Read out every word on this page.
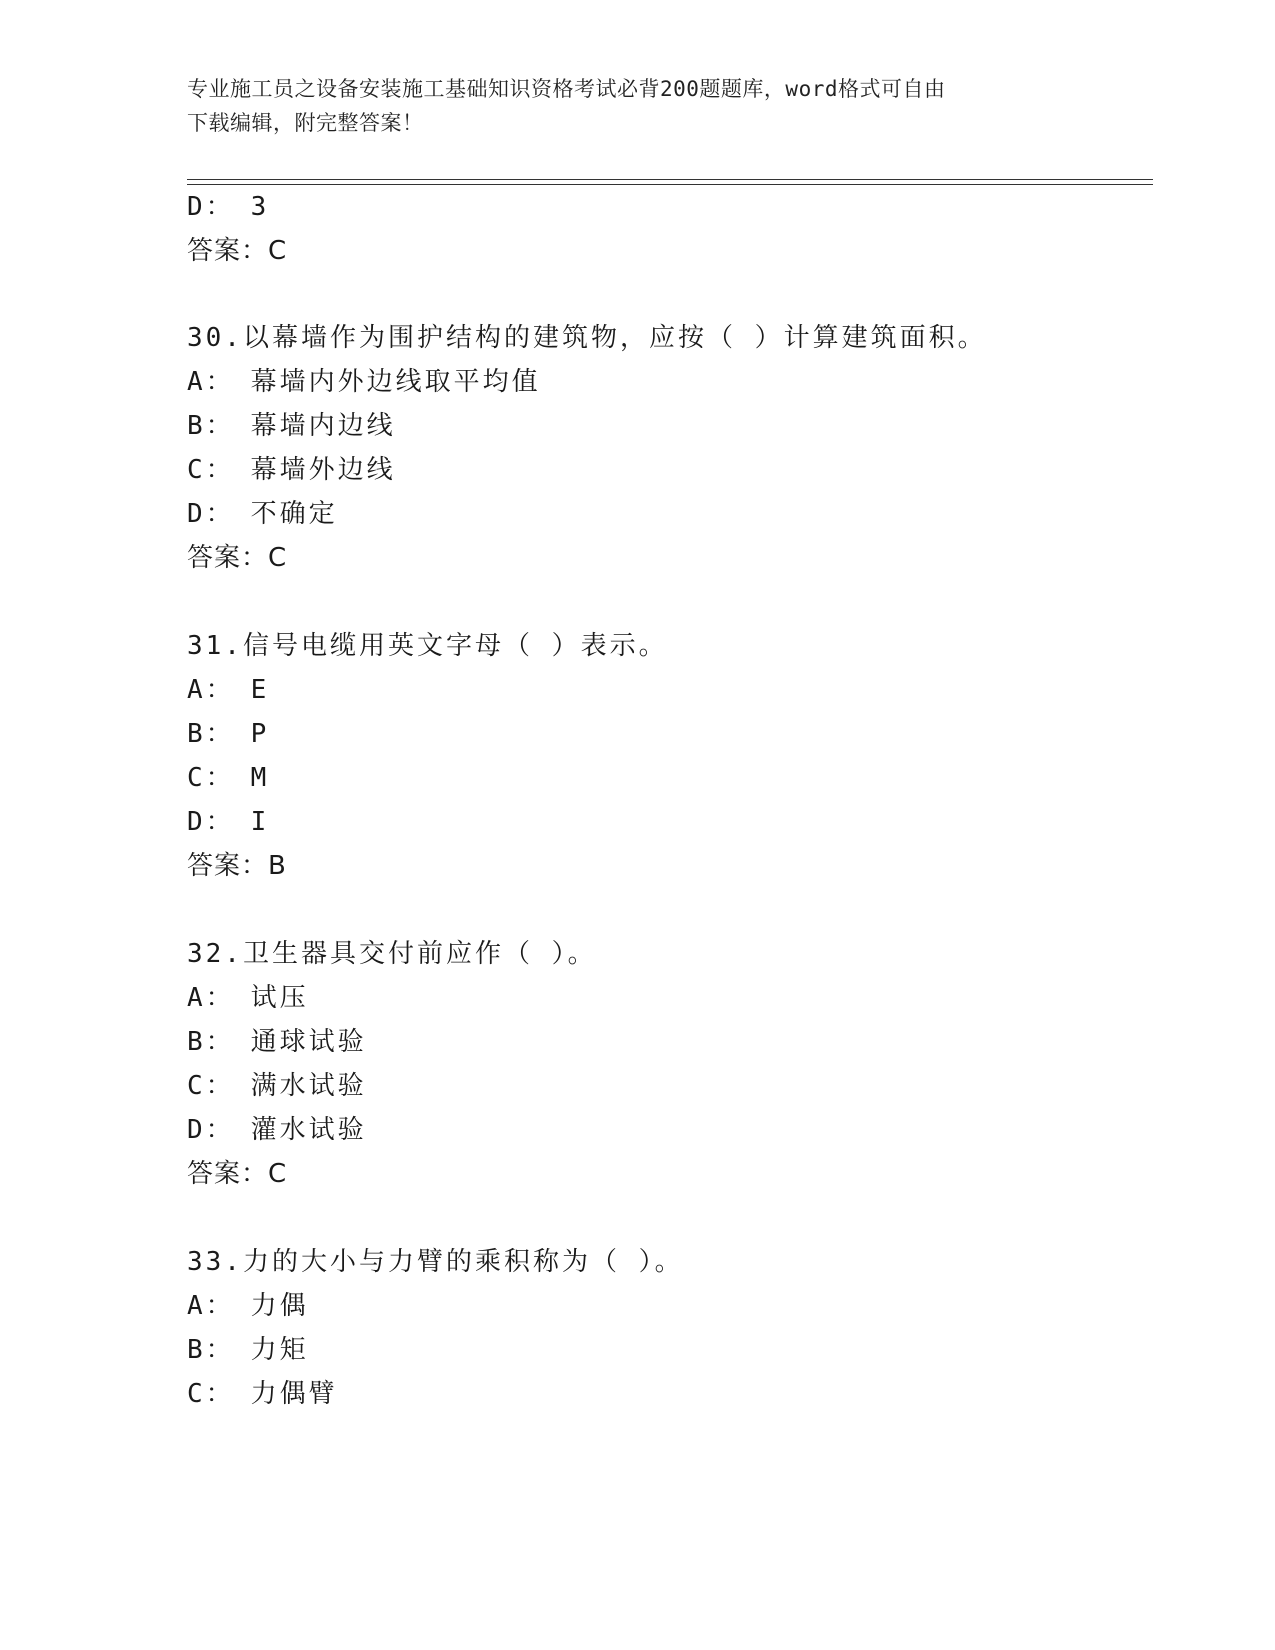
专业施工员之设备安装施工基础知识资格考试必背200题题库，word格式可自由
下载编辑，附完整答案！
D： 3
答案：C
30.以幕墙作为围护结构的建筑物，应按（ ）计算建筑面积。
A： 幕墙内外边线取平均值
B： 幕墙内边线
C： 幕墙外边线
D： 不确定
答案：C
31.信号电缆用英文字母（ ）表示。
A： E
B： P
C： M
D： I
答案：B
32.卫生器具交付前应作（ ）。
A： 试压
B： 通球试验
C： 满水试验
D： 灌水试验
答案：C
33.力的大小与力臂的乘积称为（ ）。
A： 力偶
B： 力矩
C： 力偶臂
